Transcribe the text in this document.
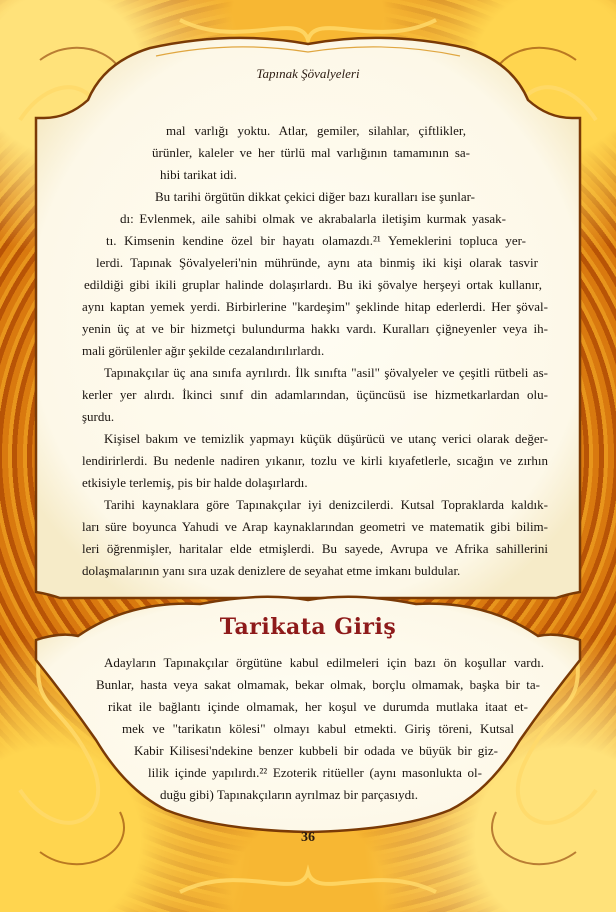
Tapınak Şövalyeleri
mal varlığı yoktu. Atlar, gemiler, silahlar, çiftlikler,
ürünler, kaleler ve her türlü mal varlığının tamamının sa-
hibi tarikat idi.
Bu tarihi örgütün dikkat çekici diğer bazı kuralları ise şunlar-
dı: Evlenmek, aile sahibi olmak ve akrabalarla iletişim kurmak yasak-
tı. Kimsenin kendine özel bir hayatı olamazdı.²¹ Yemeklerini topluca yer-
lerdi. Tapınak Şövalyeleri'nin mühründe, aynı ata binmiş iki kişi olarak tasvir
edildiği gibi ikili gruplar halinde dolaşırlardı. Bu iki şövalye herşeyi ortak kullanır,
aynı kaptan yemek yerdi. Birbirlerine "kardeşim" şeklinde hitap ederlerdi. Her şöval-
yenin üç at ve bir hizmetçi bulundurma hakkı vardı. Kuralları çiğneyenler veya ih-
mali görülenler ağır şekilde cezalandırılırlardı.
Tapınakçılar üç ana sınıfa ayrılırdı. İlk sınıfta "asil" şövalyeler ve çeşitli rütbeli as-
kerler yer alırdı. İkinci sınıf din adamlarından, üçüncüsü ise hizmetkarlardan olu-
şurdu.
Kişisel bakım ve temizlik yapmayı küçük düşürücü ve utanç verici olarak değer-
lendirirlerdi. Bu nedenle nadiren yıkanır, tozlu ve kirli kıyafetlerle, sıcağın ve zırhın
etkisiyle terlemiş, pis bir halde dolaşırlardı.
Tarihi kaynaklara göre Tapınakçılar iyi denizcilerdi. Kutsal Topraklarda kaldık-
ları süre boyunca Yahudi ve Arap kaynaklarından geometri ve matematik gibi bilim-
leri öğrenmişler, haritalar elde etmişlerdi. Bu sayede, Avrupa ve Afrika sahillerini
dolaşmalarının yanı sıra uzak denizlere de seyahat etme imkanı buldular.
Tarikata Giriş
Adayların Tapınakçılar örgütüne kabul edilmeleri için bazı ön koşullar vardı.
Bunlar, hasta veya sakat olmamak, bekar olmak, borçlu olmamak, başka bir ta-
rikat ile bağlantı içinde olmamak, her koşul ve durumda mutlaka itaat et-
mek ve "tarikatın kölesi" olmayı kabul etmekti. Giriş töreni, Kutsal
Kabir Kilisesi'ndekine benzer kubbeli bir odada ve büyük bir giz-
lilik içinde yapılırdı.²² Ezoterik ritüeller (aynı masonlukta ol-
duğu gibi) Tapınakçıların ayrılmaz bir parçasıydı.
36
